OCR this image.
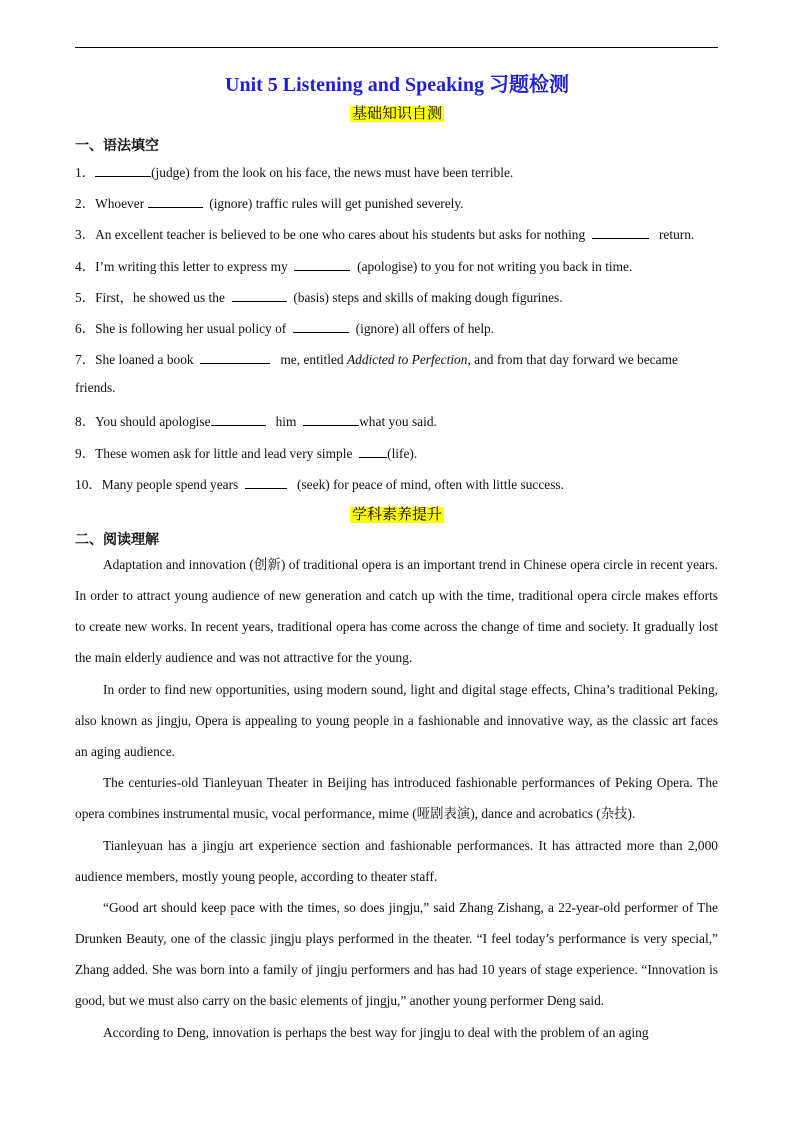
Unit 5 Listening and Speaking 习题检测
基础知识自测
一、语法填空
1．	(judge) from the look on his face, the news must have been terrible.
2．Whoever	(ignore) traffic rules will get punished severely.
3．An excellent teacher is believed to be one who cares about his students but asks for nothing	return.
4．I’m writing this letter to express my	(apologise) to you for not writing you back in time.
5．First，he showed us the	(basis) steps and skills of making dough figurines.
6．She is following her usual policy of	(ignore) all offers of help.
7．She loaned a book	me, entitled Addicted to Perfection, and from that day forward we became
friends.
8．You should apologise	him	what you said.
9．These women ask for little and lead very simple	(life).
10．Many people spend years	(seek) for peace of mind, often with little success.
学科素养提升
二、阅读理解

Adaptation and innovation (创新) of traditional opera is an important trend in Chinese opera circle in recent years. In order to attract young audience of new generation and catch up with the time, traditional opera circle makes efforts to create new works. In recent years, traditional opera has come across the change of time and society. It gradually lost the main elderly audience and was not attractive for the young.

In order to find new opportunities, using modern sound, light and digital stage effects, China’s traditional Peking, also known as jingju, Opera is appealing to young people in a fashionable and innovative way, as the classic art faces an aging audience.

The centuries-old Tianleyuan Theater in Beijing has introduced fashionable performances of Peking Opera. The opera combines instrumental music, vocal performance, mime (哑剧表演), dance and acrobatics (杂技).

Tianleyuan has a jingju art experience section and fashionable performances. It has attracted more than 2,000 audience members, mostly young people, according to theater staff.

“Good art should keep pace with the times, so does jingju,” said Zhang Zishang, a 22-year-old performer of The Drunken Beauty, one of the classic jingju plays performed in the theater. “I feel today’s performance is very special,” Zhang added. She was born into a family of jingju performers and has had 10 years of stage experience. “Innovation is good, but we must also carry on the basic elements of jingju,” another young performer Deng said.

According to Deng, innovation is perhaps the best way for jingju to deal with the problem of an aging
